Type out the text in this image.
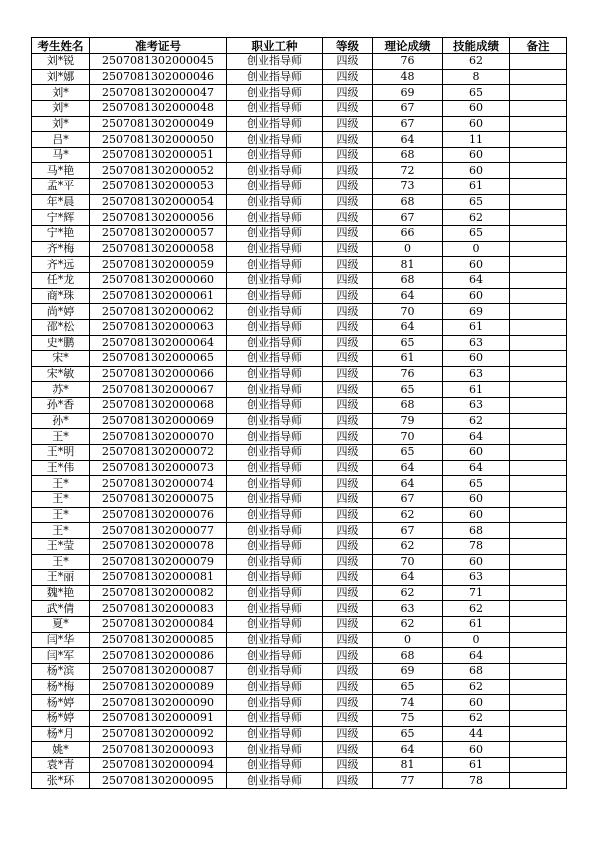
考生姓名	准考证号	职业工种	等级	理论成绩	技能成绩	备注
刘*锐	2507081302000045	创业指导师	四级	76	62	
刘*娜	2507081302000046	创业指导师	四级	48	8	
刘*	2507081302000047	创业指导师	四级	69	65	
刘*	2507081302000048	创业指导师	四级	67	60	
刘*	2507081302000049	创业指导师	四级	67	60	
吕*	2507081302000050	创业指导师	四级	64	11	
马*	2507081302000051	创业指导师	四级	68	60	
马*艳	2507081302000052	创业指导师	四级	72	60	
孟*平	2507081302000053	创业指导师	四级	73	61	
年*晨	2507081302000054	创业指导师	四级	68	65	
宁*辉	2507081302000056	创业指导师	四级	67	62	
宁*艳	2507081302000057	创业指导师	四级	66	65	
齐*梅	2507081302000058	创业指导师	四级	0	0	
齐*远	2507081302000059	创业指导师	四级	81	60	
任*龙	2507081302000060	创业指导师	四级	68	64	
商*珠	2507081302000061	创业指导师	四级	64	60	
尚*婷	2507081302000062	创业指导师	四级	70	69	
邵*松	2507081302000063	创业指导师	四级	64	61	
史*鹏	2507081302000064	创业指导师	四级	65	63	
宋*	2507081302000065	创业指导师	四级	61	60	
宋*敏	2507081302000066	创业指导师	四级	76	63	
苏*	2507081302000067	创业指导师	四级	65	61	
孙*香	2507081302000068	创业指导师	四级	68	63	
孙*	2507081302000069	创业指导师	四级	79	62	
王*	2507081302000070	创业指导师	四级	70	64	
王*明	2507081302000072	创业指导师	四级	65	60	
王*伟	2507081302000073	创业指导师	四级	64	64	
王*	2507081302000074	创业指导师	四级	64	65	
王*	2507081302000075	创业指导师	四级	67	60	
王*	2507081302000076	创业指导师	四级	62	60	
王*	2507081302000077	创业指导师	四级	67	68	
王*莹	2507081302000078	创业指导师	四级	62	78	
王*	2507081302000079	创业指导师	四级	70	60	
王*丽	2507081302000081	创业指导师	四级	64	63	
魏*艳	2507081302000082	创业指导师	四级	62	71	
武*倩	2507081302000083	创业指导师	四级	63	62	
夏*	2507081302000084	创业指导师	四级	62	61	
闫*华	2507081302000085	创业指导师	四级	0	0	
闫*军	2507081302000086	创业指导师	四级	68	64	
杨*滨	2507081302000087	创业指导师	四级	69	68	
杨*梅	2507081302000089	创业指导师	四级	65	62	
杨*婷	2507081302000090	创业指导师	四级	74	60	
杨*婷	2507081302000091	创业指导师	四级	75	62	
杨*月	2507081302000092	创业指导师	四级	65	44	
姚*	2507081302000093	创业指导师	四级	64	60	
袁*青	2507081302000094	创业指导师	四级	81	61	
张*环	2507081302000095	创业指导师	四级	77	78	
